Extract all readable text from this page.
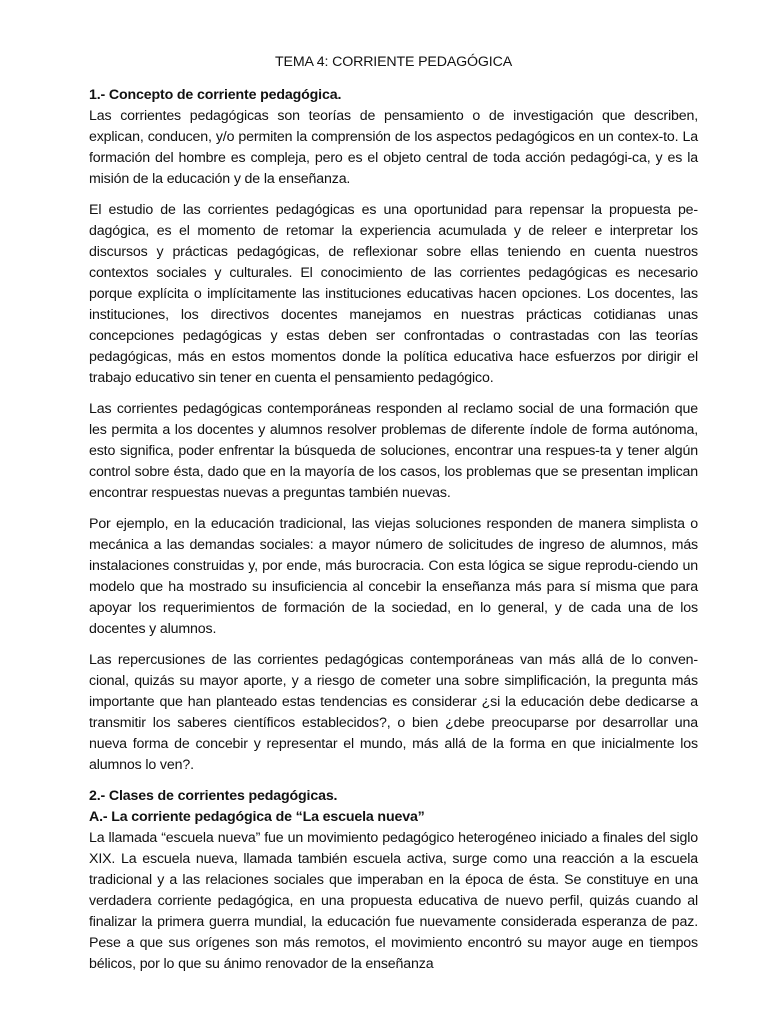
TEMA 4: CORRIENTE PEDAGÓGICA
1.- Concepto de corriente pedagógica.

Las corrientes pedagógicas son teorías de pensamiento o de investigación que describen, explican, conducen, y/o permiten la comprensión de los aspectos pedagógicos en un contex-to. La formación del hombre es compleja, pero es el objeto central de toda acción pedagógi-ca, y es la misión de la educación y de la enseñanza.

El estudio de las corrientes pedagógicas es una oportunidad para repensar la propuesta pe-dagógica, es el momento de retomar la experiencia acumulada y de releer e interpretar los discursos y prácticas pedagógicas, de reflexionar sobre ellas teniendo en cuenta nuestros contextos sociales y culturales. El conocimiento de las corrientes pedagógicas es necesario porque explícita o implícitamente las instituciones educativas hacen opciones. Los docentes, las instituciones, los directivos docentes manejamos en nuestras prácticas cotidianas unas concepciones pedagógicas y estas deben ser confrontadas o contrastadas con las teorías pedagógicas, más en estos momentos donde la política educativa hace esfuerzos por dirigir el trabajo educativo sin tener en cuenta el pensamiento pedagógico.

Las corrientes pedagógicas contemporáneas responden al reclamo social de una formación que les permita a los docentes y alumnos resolver problemas de diferente índole de forma autónoma, esto significa, poder enfrentar la búsqueda de soluciones, encontrar una respues-ta y tener algún control sobre ésta, dado que en la mayoría de los casos, los problemas que se presentan implican encontrar respuestas nuevas a preguntas también nuevas.

Por ejemplo, en la educación tradicional, las viejas soluciones responden de manera simplista o mecánica a las demandas sociales: a mayor número de solicitudes de ingreso de alumnos, más instalaciones construidas y, por ende, más burocracia. Con esta lógica se sigue reprodu-ciendo un modelo que ha mostrado su insuficiencia al concebir la enseñanza más para sí misma que para apoyar los requerimientos de formación de la sociedad, en lo general, y de cada una de los docentes y alumnos.

Las repercusiones de las corrientes pedagógicas contemporáneas van más allá de lo conven-cional, quizás su mayor aporte, y a riesgo de cometer una sobre simplificación, la pregunta más importante que han planteado estas tendencias es considerar ¿si la educación debe dedicarse a transmitir los saberes científicos establecidos?, o bien ¿debe preocuparse por desarrollar una nueva forma de concebir y representar el mundo, más allá de la forma en que inicialmente los alumnos lo ven?.

2.- Clases de corrientes pedagógicas.
A.- La corriente pedagógica de “La escuela nueva”

La llamada “escuela nueva” fue un movimiento pedagógico heterogéneo iniciado a finales del siglo XIX. La escuela nueva, llamada también escuela activa, surge como una reacción a la escuela tradicional y a las relaciones sociales que imperaban en la época de ésta. Se constituye en una verdadera corriente pedagógica, en una propuesta educativa de nuevo perfil, quizás cuando al finalizar la primera guerra mundial, la educación fue nuevamente considerada esperanza de paz. Pese a que sus orígenes son más remotos, el movimiento encontró su mayor auge en tiempos bélicos, por lo que su ánimo renovador de la enseñanza
